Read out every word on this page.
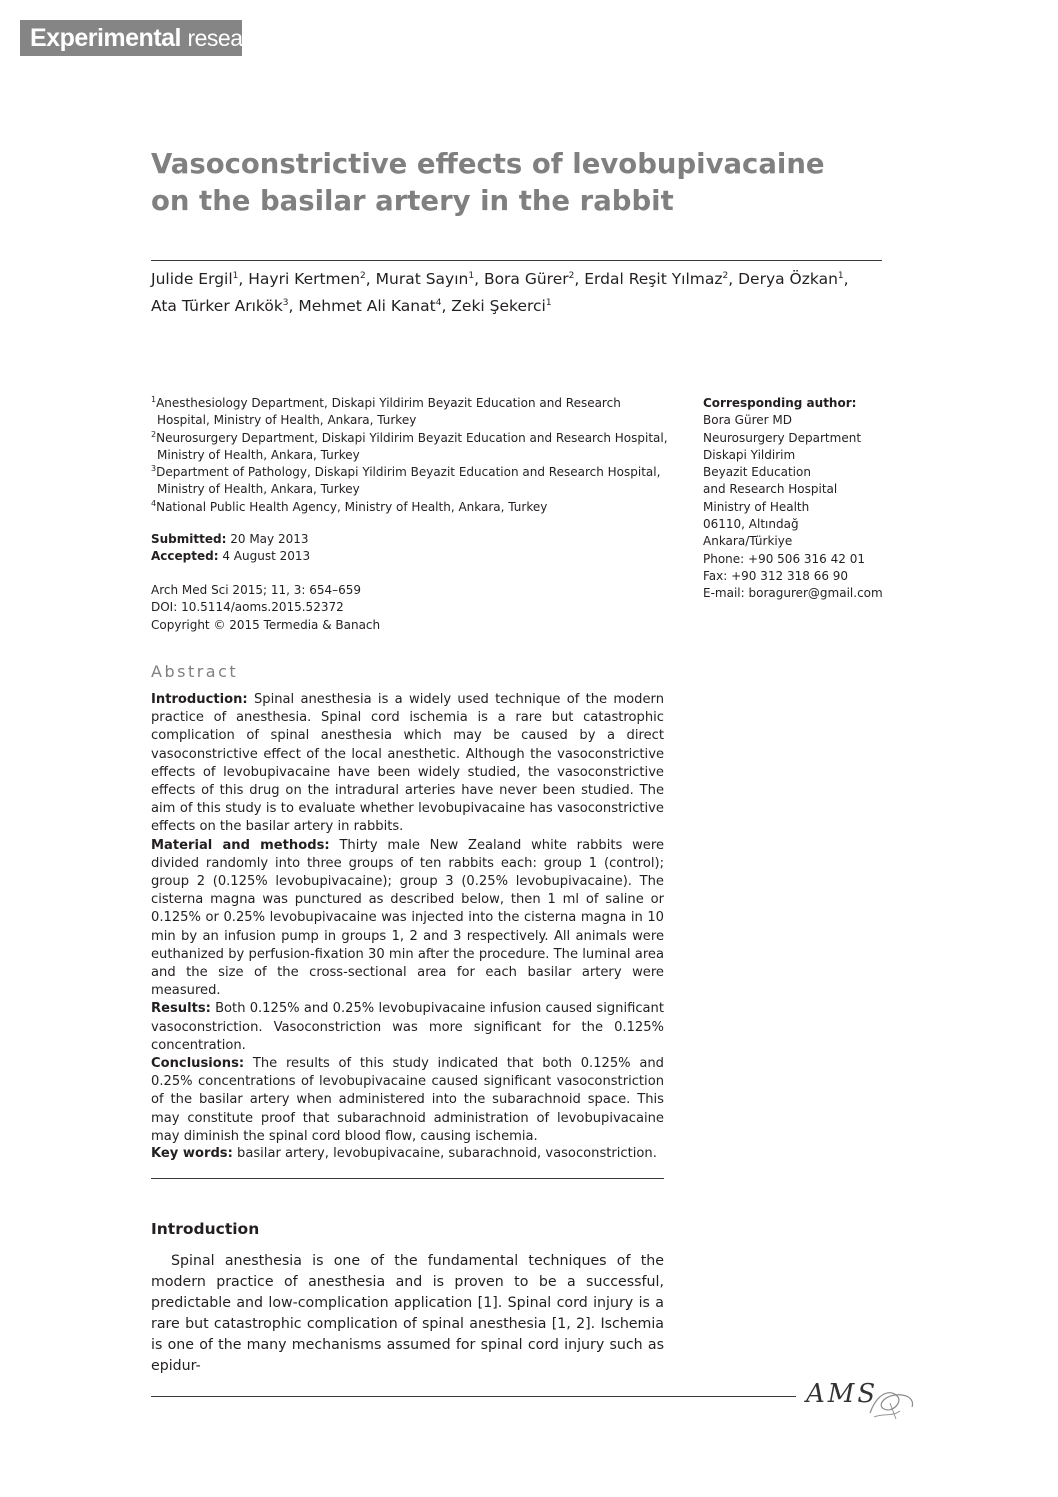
Experimental research
Vasoconstrictive effects of levobupivacaine
on the basilar artery in the rabbit
Julide Ergil$^1$, Hayri Kertmen$^2$, Murat Sayın$^1$, Bora Gürer$^2$, Erdal Reşit Yılmaz$^2$, Derya Özkan$^1$,
Ata Türker Arıkök$^3$, Mehmet Ali Kanat$^4$, Zeki Şekerci$^1$
$^1$Anesthesiology Department, Diskapi Yildirim Beyazit Education and Research
Hospital, Ministry of Health, Ankara, Turkey
$^2$Neurosurgery Department, Diskapi Yildirim Beyazit Education and Research Hospital,
Ministry of Health, Ankara, Turkey
$^3$Department of Pathology, Diskapi Yildirim Beyazit Education and Research Hospital,
Ministry of Health, Ankara, Turkey
$^4$National Public Health Agency, Ministry of Health, Ankara, Turkey
Submitted: 20 May 2013
Accepted: 4 August 2013
Arch Med Sci 2015; 11, 3: 654–659
DOI: 10.5114/aoms.2015.52372
Copyright © 2015 Termedia & Banach
Corresponding author:
Bora Gürer MD
Neurosurgery Department
Diskapi Yildirim
Beyazit Education
and Research Hospital
Ministry of Health
06110, Altındağ
Ankara/Türkiye
Phone: +90 506 316 42 01
Fax: +90 312 318 66 90
E-mail: boragurer@gmail.com
Abstract

Introduction: Spinal anesthesia is a widely used technique of the modern practice of anesthesia. Spinal cord ischemia is a rare but catastrophic complication of spinal anesthesia which may be caused by a direct vasoconstrictive effect of the local anesthetic. Although the vasoconstrictive effects of levobupivacaine have been widely studied, the vasoconstrictive effects of this drug on the intradural arteries have never been studied. The aim of this study is to evaluate whether levobupivacaine has vasoconstrictive effects on the basilar artery in rabbits.

Material and methods: Thirty male New Zealand white rabbits were divided randomly into three groups of ten rabbits each: group 1 (control); group 2 (0.125% levobupivacaine); group 3 (0.25% levobupivacaine). The cisterna magna was punctured as described below, then 1 ml of saline or 0.125% or 0.25% levobupivacaine was injected into the cisterna magna in 10 min by an infusion pump in groups 1, 2 and 3 respectively. All animals were euthanized by perfusion-fixation 30 min after the procedure. The luminal area and the size of the cross-sectional area for each basilar artery were measured.

Results: Both 0.125% and 0.25% levobupivacaine infusion caused significant vasoconstriction. Vasoconstriction was more significant for the 0.125% concentration.

Conclusions: The results of this study indicated that both 0.125% and 0.25% concentrations of levobupivacaine caused significant vasoconstriction of the basilar artery when administered into the subarachnoid space. This may constitute proof that subarachnoid administration of levobupivacaine may diminish the spinal cord blood flow, causing ischemia.

Key words: basilar artery, levobupivacaine, subarachnoid, vasoconstriction.
Introduction
Spinal anesthesia is one of the fundamental techniques of the modern practice of anesthesia and is proven to be a successful, predictable and low-complication application [1]. Spinal cord injury is a rare but catastrophic complication of spinal anesthesia [1, 2]. Ischemia is one of the many mechanisms assumed for spinal cord injury such as epidur-
AMS
